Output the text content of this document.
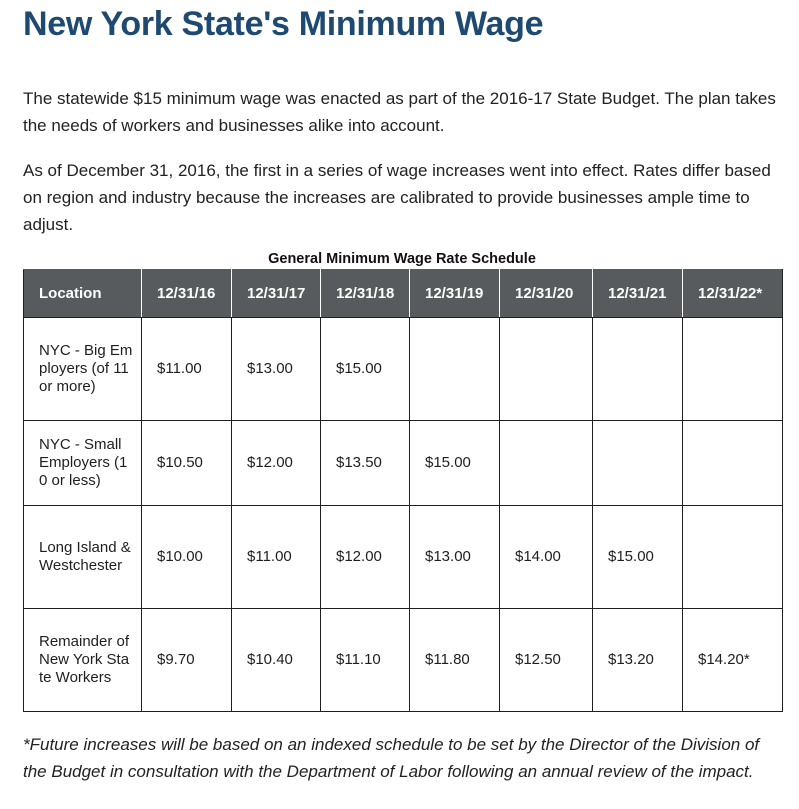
New York State's Minimum Wage

The statewide $15 minimum wage was enacted as part of the 2016-17 State Budget. The plan takes the needs of workers and businesses alike into account.

As of December 31, 2016, the first in a series of wage increases went into effect. Rates differ based on region and industry because the increases are calibrated to provide businesses ample time to adjust.

General Minimum Wage Rate Schedule
Location	12/31/16	12/31/17	12/31/18	12/31/19	12/31/20	12/31/21	12/31/22*
NYC - Big Employers (of 11 or more)	$11.00	$13.00	$15.00				
NYC - Small Employers (10 or less)	$10.50	$12.00	$13.50	$15.00			
Long Island & Westchester	$10.00	$11.00	$12.00	$13.00	$14.00	$15.00	
Remainder of New York State Workers	$9.70	$10.40	$11.10	$11.80	$12.50	$13.20	$14.20*

*Future increases will be based on an indexed schedule to be set by the Director of the Division of the Budget in consultation with the Department of Labor following an annual review of the impact.
